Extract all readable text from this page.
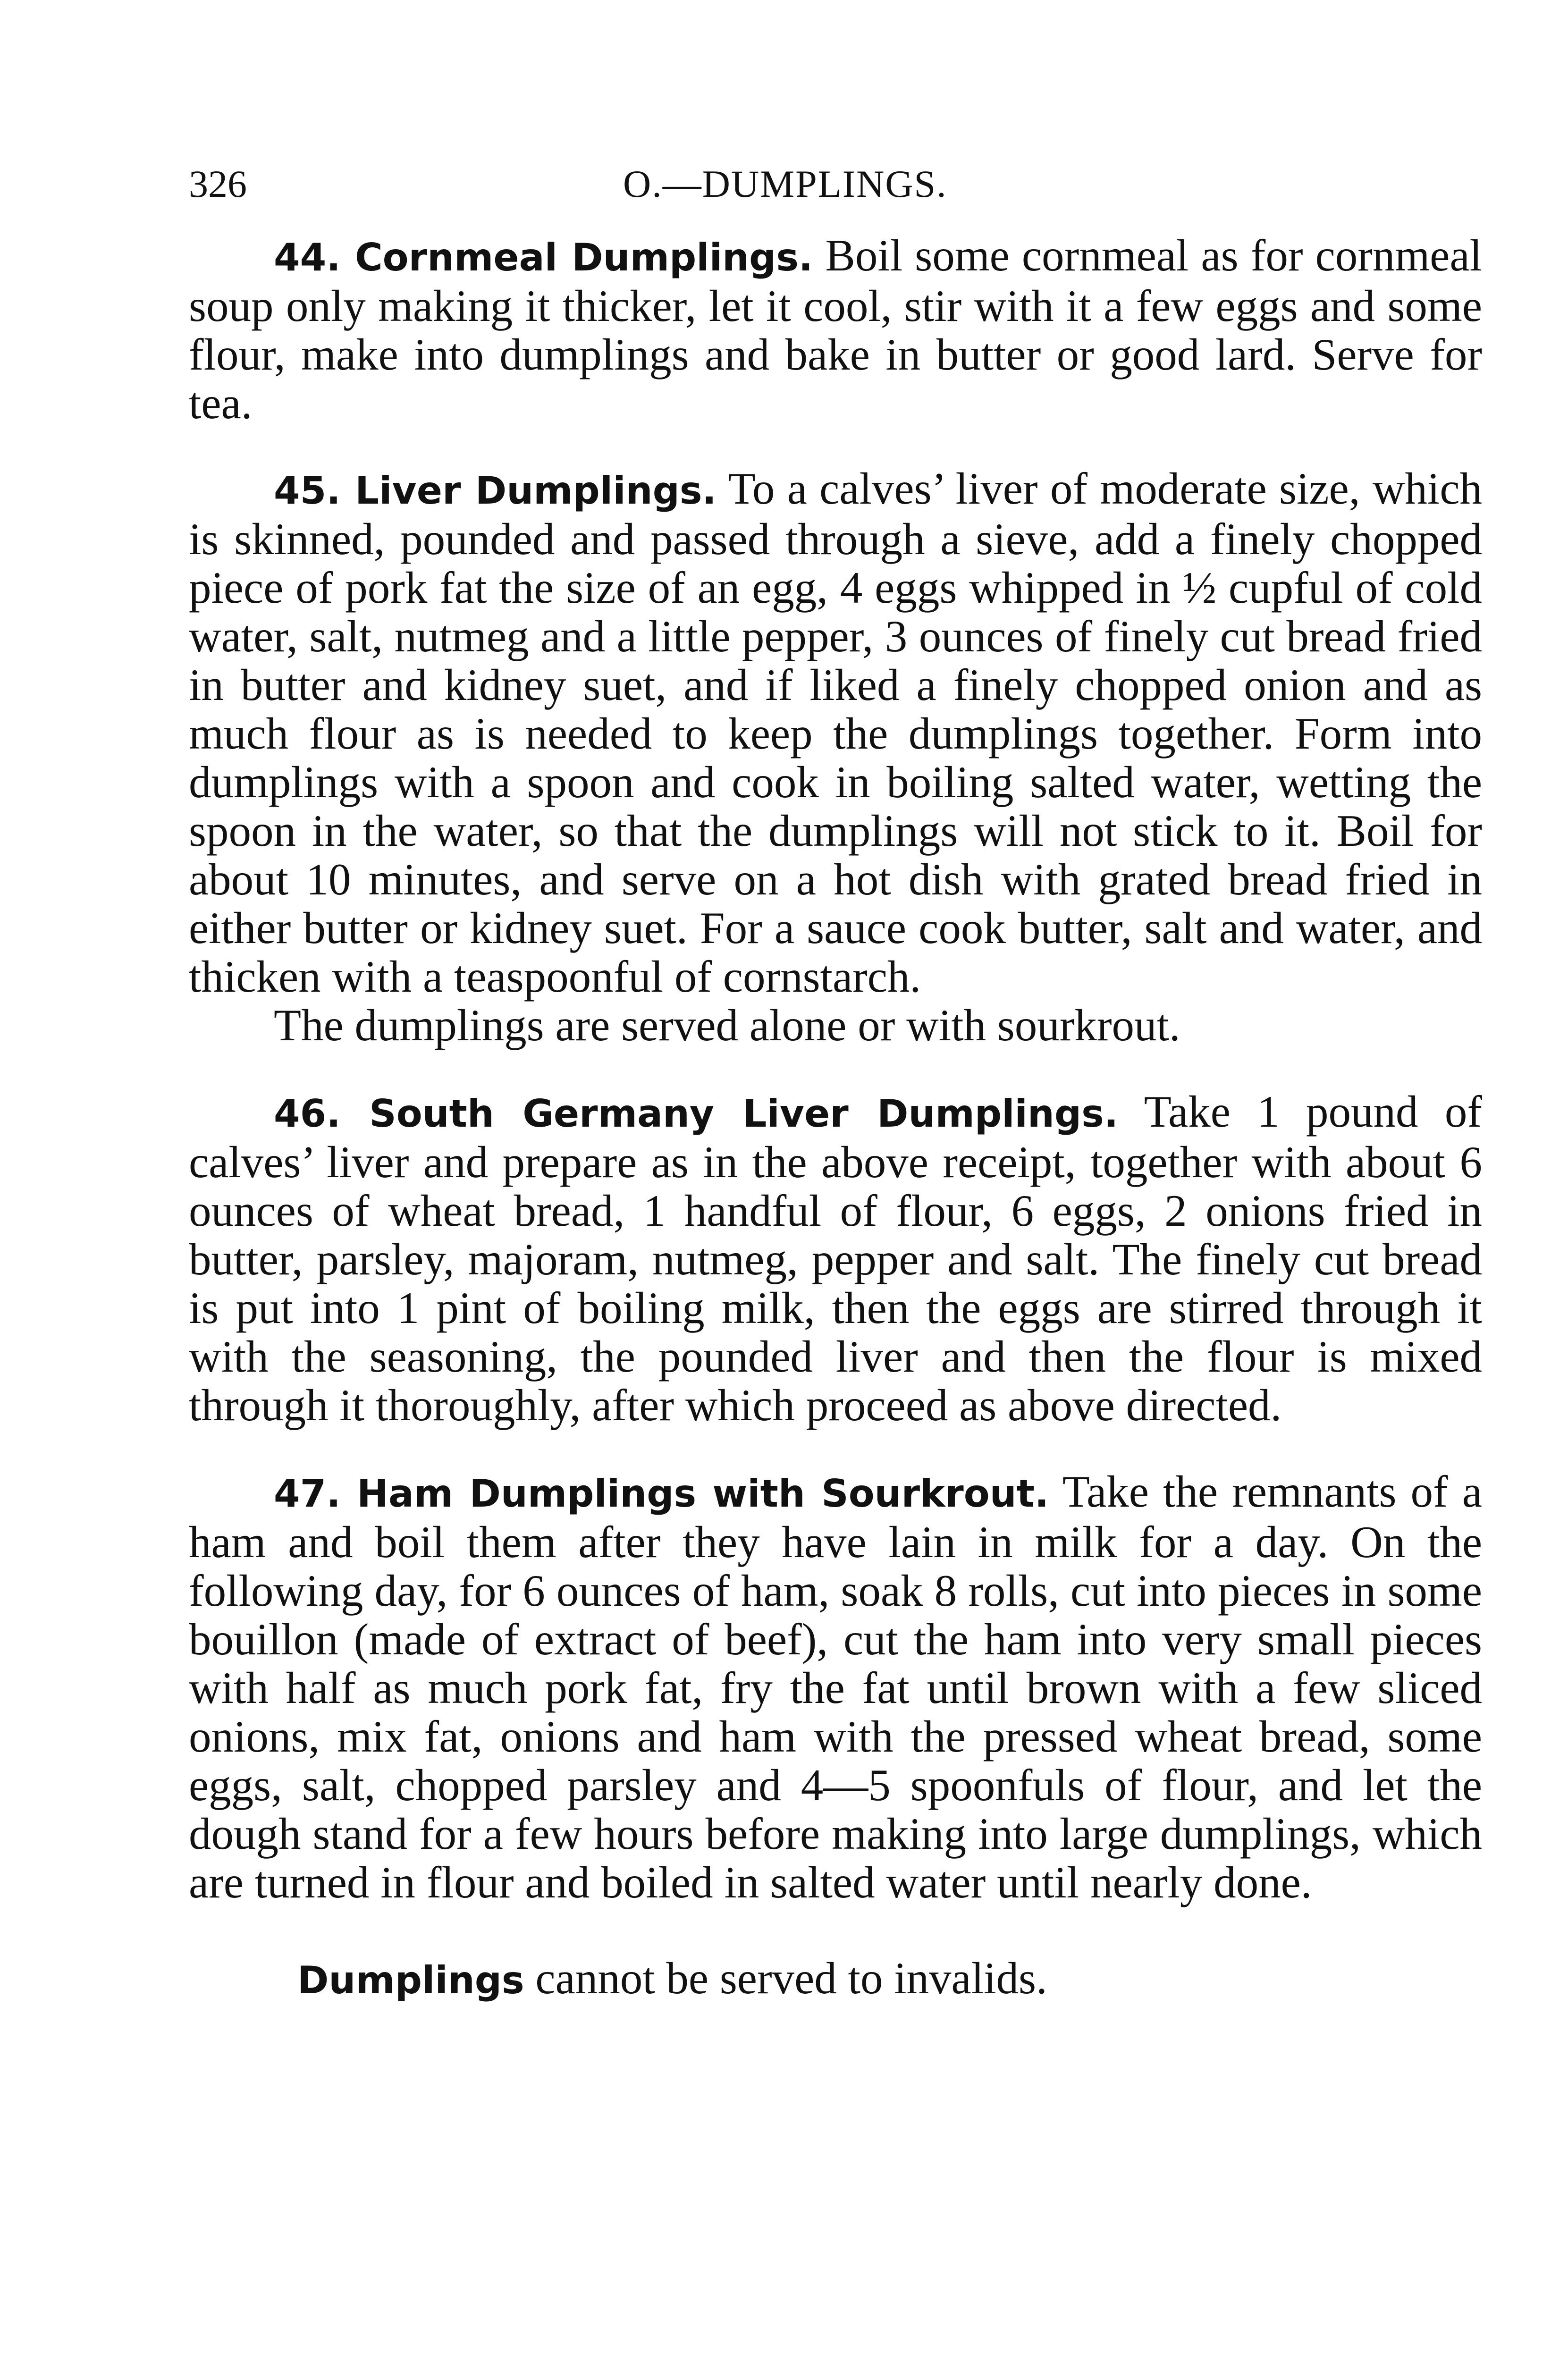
326	O.—DUMPLINGS.

44. Cornmeal Dumplings. Boil some cornmeal as for cornmeal soup only making it thicker, let it cool, stir with it a few eggs and some flour, make into dumplings and bake in butter or good lard. Serve for tea.

45. Liver Dumplings. To a calves’ liver of moderate size, which is skinned, pounded and passed through a sieve, add a finely chopped piece of pork fat the size of an egg, 4 eggs whipped in ½ cupful of cold water, salt, nutmeg and a little pepper, 3 ounces of finely cut bread fried in butter and kidney suet, and if liked a finely chopped onion and as much flour as is needed to keep the dumplings together. Form into dumplings with a spoon and cook in boiling salted water, wetting the spoon in the water, so that the dumplings will not stick to it. Boil for about 10 minutes, and serve on a hot dish with grated bread fried in either butter or kidney suet. For a sauce cook butter, salt and water, and thicken with a teaspoonful of cornstarch.

The dumplings are served alone or with sourkrout.

46. South Germany Liver Dumplings. Take 1 pound of calves’ liver and prepare as in the above receipt, together with about 6 ounces of wheat bread, 1 handful of flour, 6 eggs, 2 onions fried in butter, parsley, majoram, nutmeg, pepper and salt. The finely cut bread is put into 1 pint of boiling milk, then the eggs are stirred through it with the seasoning, the pounded liver and then the flour is mixed through it thoroughly, after which proceed as above directed.

47. Ham Dumplings with Sourkrout. Take the remnants of a ham and boil them after they have lain in milk for a day. On the following day, for 6 ounces of ham, soak 8 rolls, cut into pieces in some bouillon (made of extract of beef), cut the ham into very small pieces with half as much pork fat, fry the fat until brown with a few sliced onions, mix fat, onions and ham with the pressed wheat bread, some eggs, salt, chopped parsley and 4—5 spoonfuls of flour, and let the dough stand for a few hours before making into large dumplings, which are turned in flour and boiled in salted water until nearly done.

Dumplings cannot be served to invalids.
